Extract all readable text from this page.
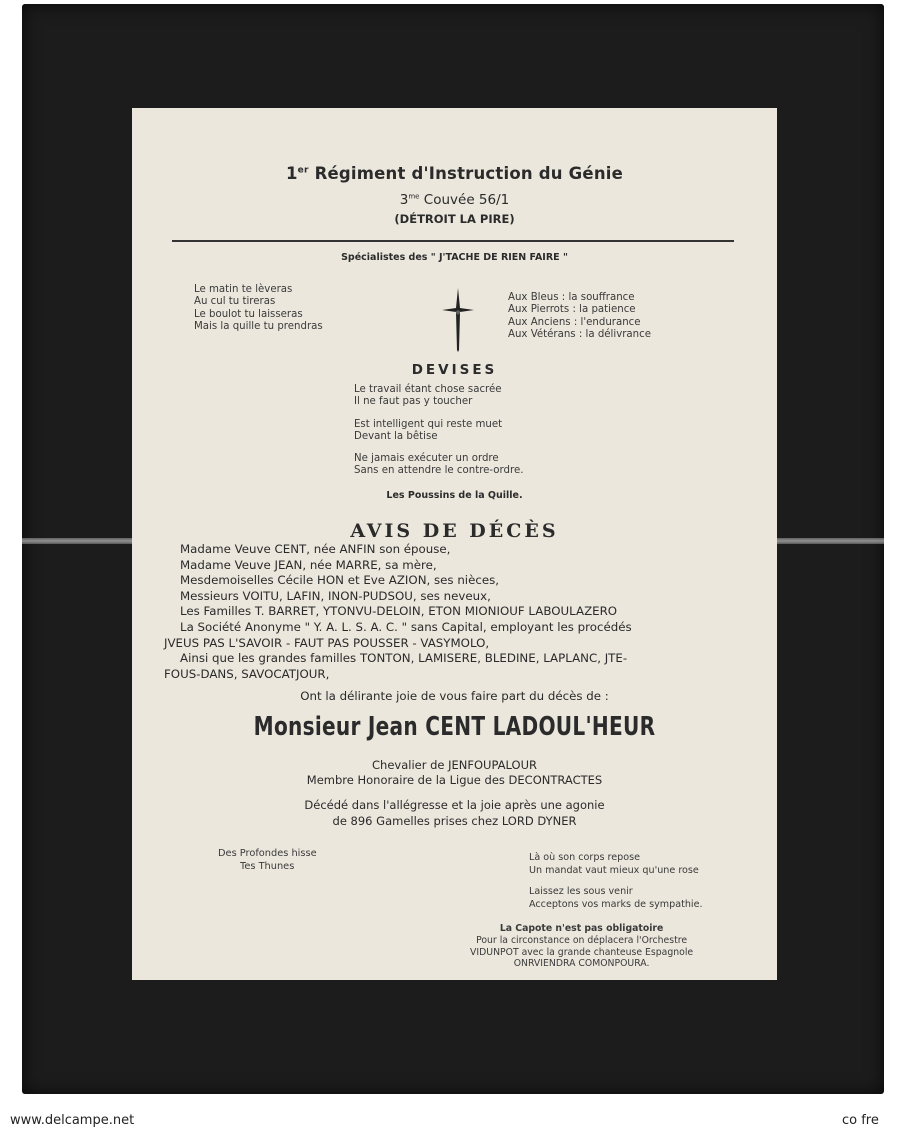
1er Régiment d'Instruction du Génie
$3^{me}$ Couvée 56/1
(DÉTROIT LA PIRE)
Spécialistes des " J'TACHE DE RIEN FAIRE "
Le matin te lèveras
Au cul tu tireras
Le boulot tu laisseras
Mais la quille tu prendras
Aux Bleus : la souffrance
Aux Pierrots : la patience
Aux Anciens : l'endurance
Aux Vétérans : la délivrance
DEVISES
Le travail étant chose sacrée
Il ne faut pas y toucher
Est intelligent qui reste muet
Devant la bêtise
Ne jamais exécuter un ordre
Sans en attendre le contre-ordre.
Les Poussins de la Quille.
AVIS DE DÉCÈS
Madame Veuve CENT, née ANFIN son épouse,
Madame Veuve JEAN, née MARRE, sa mère,
Mesdemoiselles Cécile HON et Eve AZION, ses nièces,
Messieurs VOITU, LAFIN, INON-PUDSOU, ses neveux,
Les Familles T. BARRET, YTONVU-DELOIN, ETON MIONIOUF LABOULAZERO
La Société Anonyme " Y. A. L. S. A. C. " sans Capital, employant les procédés
JVEUS PAS L'SAVOIR - FAUT PAS POUSSER - VASYMOLO,
Ainsi que les grandes familles TONTON, LAMISERE, BLEDINE, LAPLANC, JTE-
FOUS-DANS, SAVOCATJOUR,
Ont la délirante joie de vous faire part du décès de :
Monsieur Jean CENT LADOUL'HEUR
Chevalier de JENFOUPALOUR
Membre Honoraire de la Ligue des DECONTRACTES
Décédé dans l'allégresse et la joie après une agonie
de 896 Gamelles prises chez LORD DYNER
Des Profondes hisse
Tes Thunes
Là où son corps repose
Un mandat vaut mieux qu'une rose
Laissez les sous venir
Acceptons vos marks de sympathie.
La Capote n'est pas obligatoire
Pour la circonstance on déplacera l'Orchestre
VIDUNPOT avec la grande chanteuse Espagnole
ONRVIENDRA COMONPOURA.
www.delcampe.net	co fre
